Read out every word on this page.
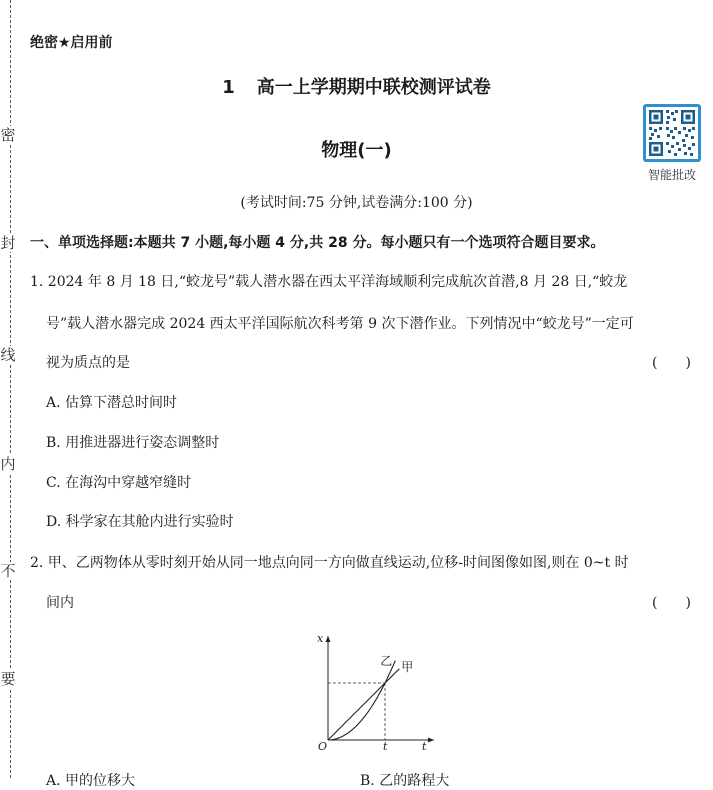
密
封
线
内
不
要
绝密★启用前
1 高一上学期期中联校测评试卷
智能批改
物理(一)
(考试时间:75 分钟,试卷满分:100 分)
一、单项选择题:本题共 7 小题,每小题 4 分,共 28 分。每小题只有一个选项符合题目要求。
1. 2024 年 8 月 18 日,“蛟龙号”载人潜水器在西太平洋海域顺利完成航次首潜,8 月 28 日,“蛟龙
号”载人潜水器完成 2024 西太平洋国际航次科考第 9 次下潜作业。下列情况中“蛟龙号”一定可
视为质点的是	(　　)
A. 估算下潜总时间时
B. 用推进器进行姿态调整时
C. 在海沟中穿越窄缝时
D. 科学家在其舱内进行实验时
2. 甲、乙两物体从零时刻开始从同一地点向同一方向做直线运动,位移-时间图像如图,则在 0~t 时
间内	(　　)
x
t
O	t
乙 甲
A. 甲的位移大	B. 乙的路程大
